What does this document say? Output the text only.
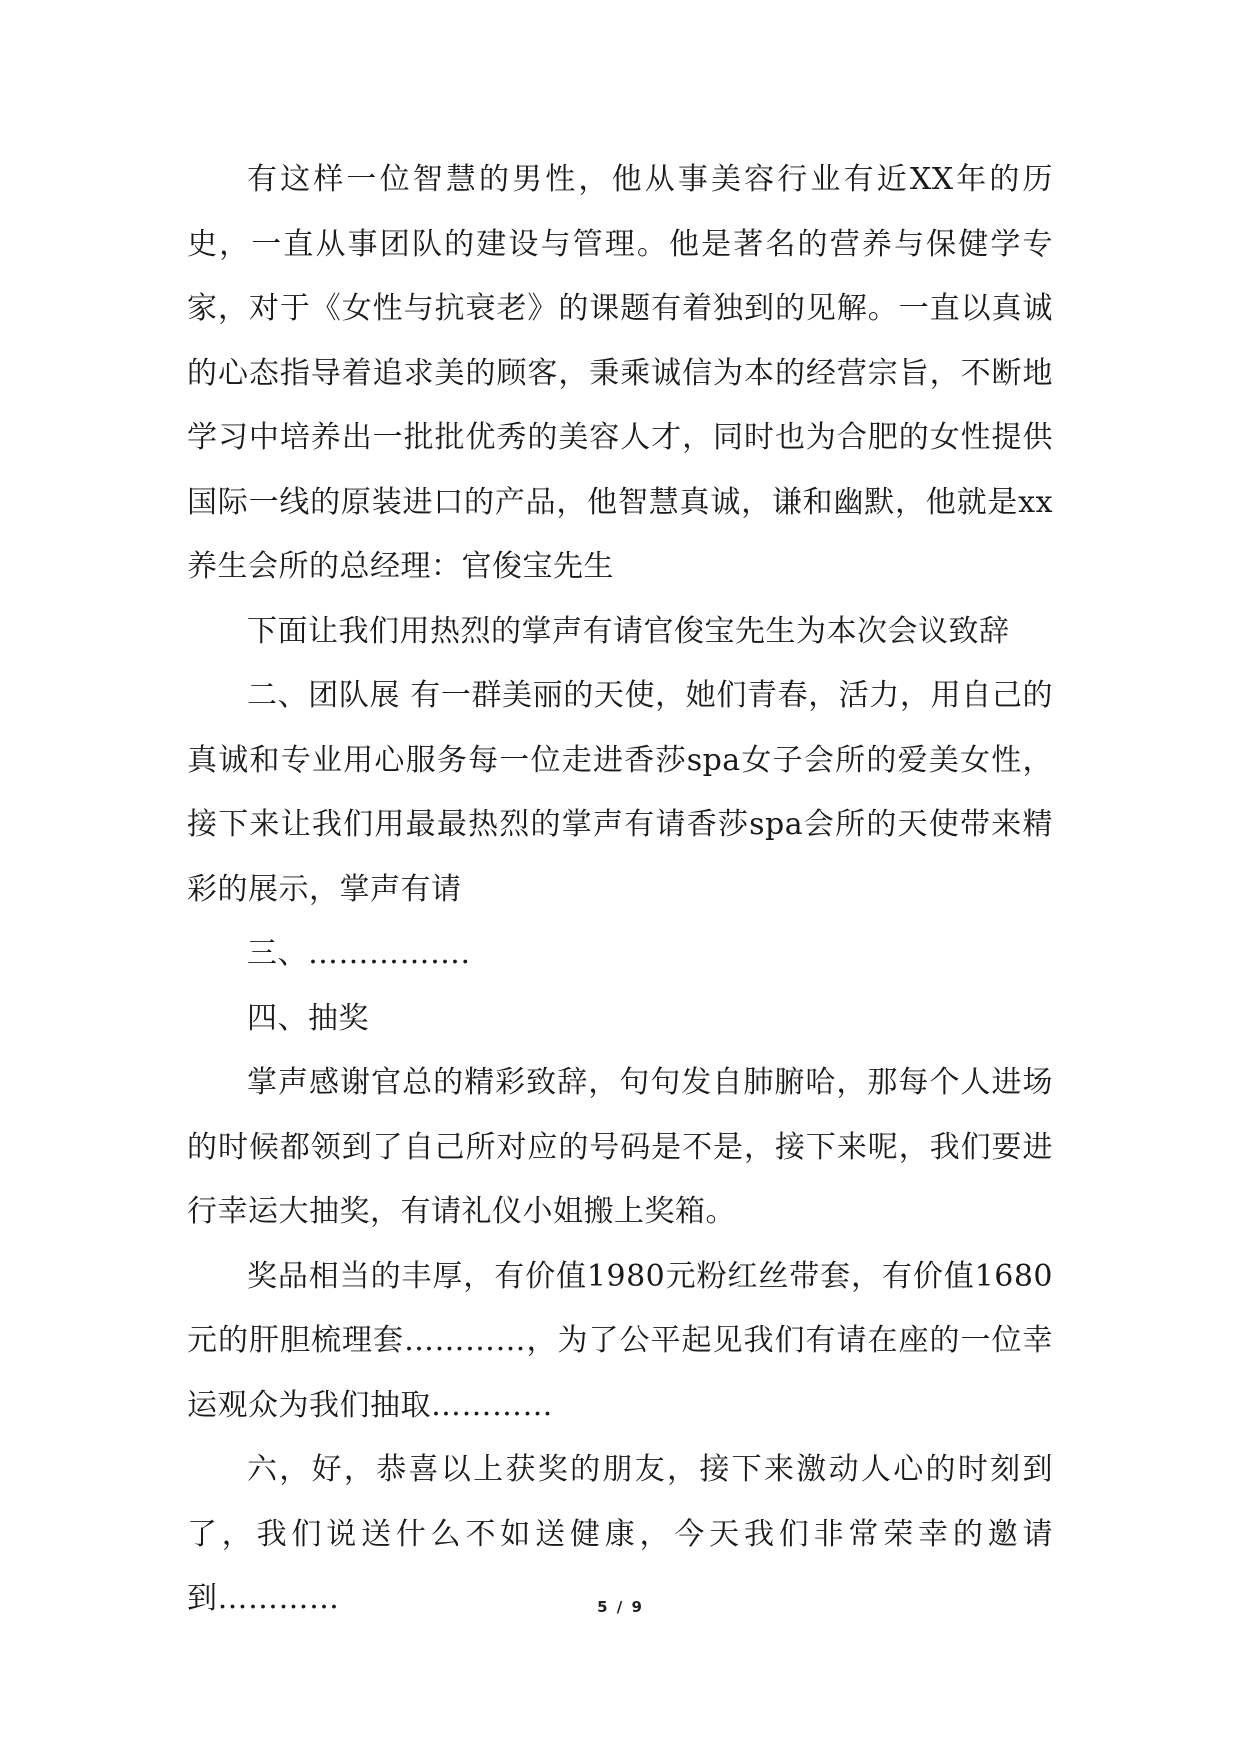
有这样一位智慧的男性，他从事美容行业有近XX年的历史，一直从事团队的建设与管理。他是著名的营养与保健学专家，对于《女性与抗衰老》的课题有着独到的见解。一直以真诚的心态指导着追求美的顾客，秉乘诚信为本的经营宗旨，不断地学习中培养出一批批优秀的美容人才，同时也为合肥的女性提供国际一线的原装进口的产品，他智慧真诚，谦和幽默，他就是xx养生会所的总经理：官俊宝先生

下面让我们用热烈的掌声有请官俊宝先生为本次会议致辞

二、团队展 有一群美丽的天使，她们青春，活力，用自己的真诚和专业用心服务每一位走进香莎spa女子会所的爱美女性，接下来让我们用最最热烈的掌声有请香莎spa会所的天使带来精彩的展示，掌声有请

三、…………….

四、抽奖

掌声感谢官总的精彩致辞，句句发自肺腑哈，那每个人进场的时候都领到了自己所对应的号码是不是，接下来呢，我们要进行幸运大抽奖，有请礼仪小姐搬上奖箱。

奖品相当的丰厚，有价值1980元粉红丝带套，有价值1680元的肝胆梳理套…………，为了公平起见我们有请在座的一位幸运观众为我们抽取…………

六，好，恭喜以上获奖的朋友，接下来激动人心的时刻到了，我们说送什么不如送健康，今天我们非常荣幸的邀请到…………	5 / 9
